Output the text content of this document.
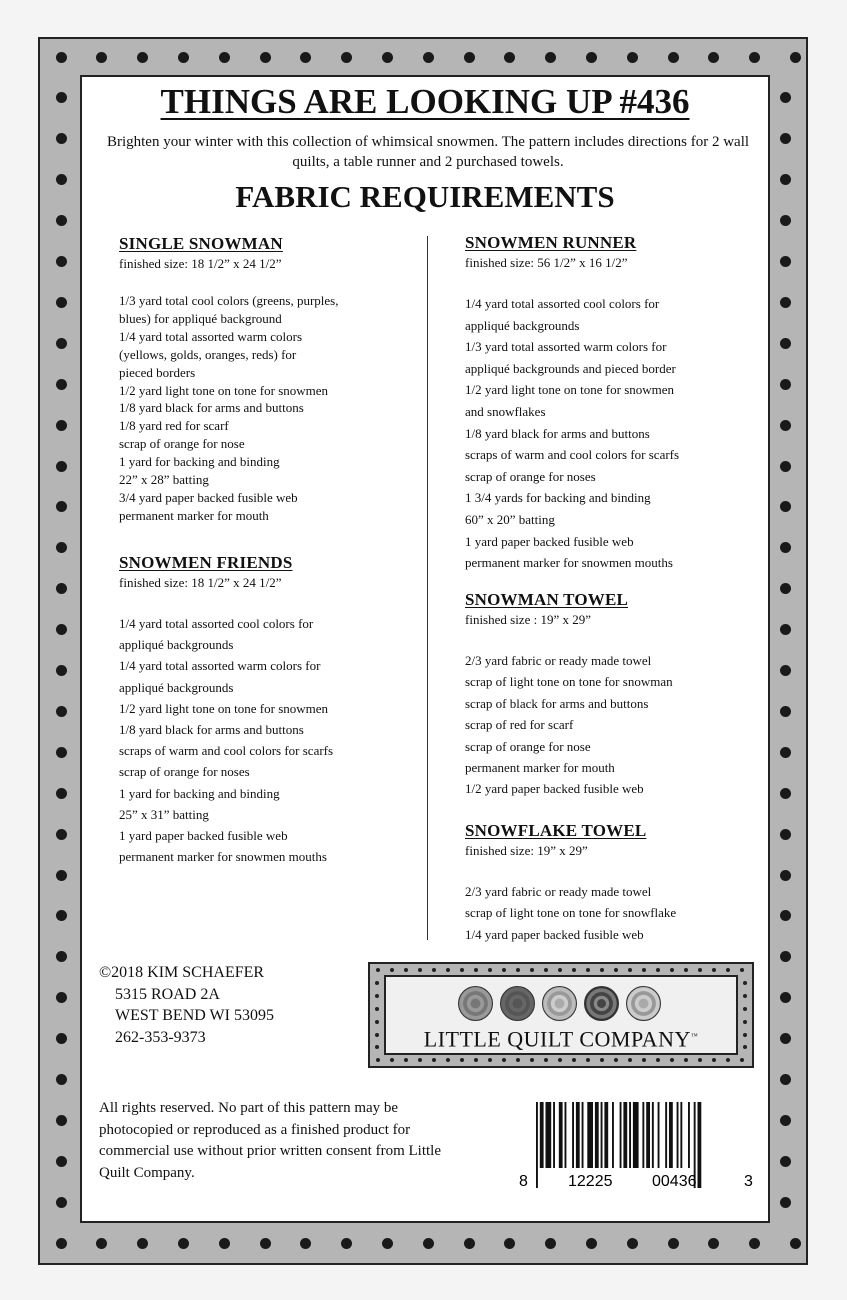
THINGS ARE LOOKING UP #436

Brighten your winter with this collection of whimsical snowmen. The pattern includes directions for 2 wall quilts, a table runner and 2 purchased towels.

FABRIC REQUIREMENTS
SINGLE SNOWMAN

finished size: 18 1/2” x 24 1/2”

1/3 yard total cool colors (greens, purples,
blues) for appliqué background
1/4 yard total assorted warm colors
(yellows, golds, oranges, reds) for
pieced borders
1/2 yard light tone on tone for snowmen
1/8 yard black for arms and buttons
1/8 yard red for scarf
scrap of orange for nose
1 yard for backing and binding
22” x 28” batting
3/4 yard paper backed fusible web
permanent marker for mouth
SNOWMEN FRIENDS

finished size: 18 1/2” x 24 1/2”

1/4 yard total assorted cool colors for
appliqué backgrounds
1/4 yard total assorted warm colors for
appliqué backgrounds
1/2 yard light tone on tone for snowmen
1/8 yard black for arms and buttons
scraps of warm and cool colors for scarfs
scrap of orange for noses
1 yard for backing and binding
25” x 31” batting
1 yard paper backed fusible web
permanent marker for snowmen mouths
SNOWMEN RUNNER

finished size: 56 1/2” x 16 1/2”

1/4 yard total assorted cool colors for
appliqué backgrounds
1/3 yard total assorted warm colors for
appliqué backgrounds and pieced border
1/2 yard light tone on tone for snowmen
and snowflakes
1/8 yard black for arms and buttons
scraps of warm and cool colors for scarfs
scrap of orange for noses
1 3/4 yards for backing and binding
60” x 20” batting
1 yard paper backed fusible web
permanent marker for snowmen mouths
SNOWMAN TOWEL

finished size : 19” x 29”

2/3 yard fabric or ready made towel
scrap of light tone on tone for snowman
scrap of black for arms and buttons
scrap of red for scarf
scrap of orange for nose
permanent marker for mouth
1/2 yard paper backed fusible web
SNOWFLAKE TOWEL

finished size: 19” x 29”

2/3 yard fabric or ready made towel
scrap of light tone on tone for snowflake
1/4 yard paper backed fusible web

©2018 KIM SCHAEFER
5315 ROAD 2A
WEST BEND WI 53095
262-353-9373	LITTLE QUILT COMPANY™

All rights reserved. No part of this pattern may be photocopied or reproduced as a finished product for commercial use without prior written consent from Little Quilt Company.

8	12225 00436	3
